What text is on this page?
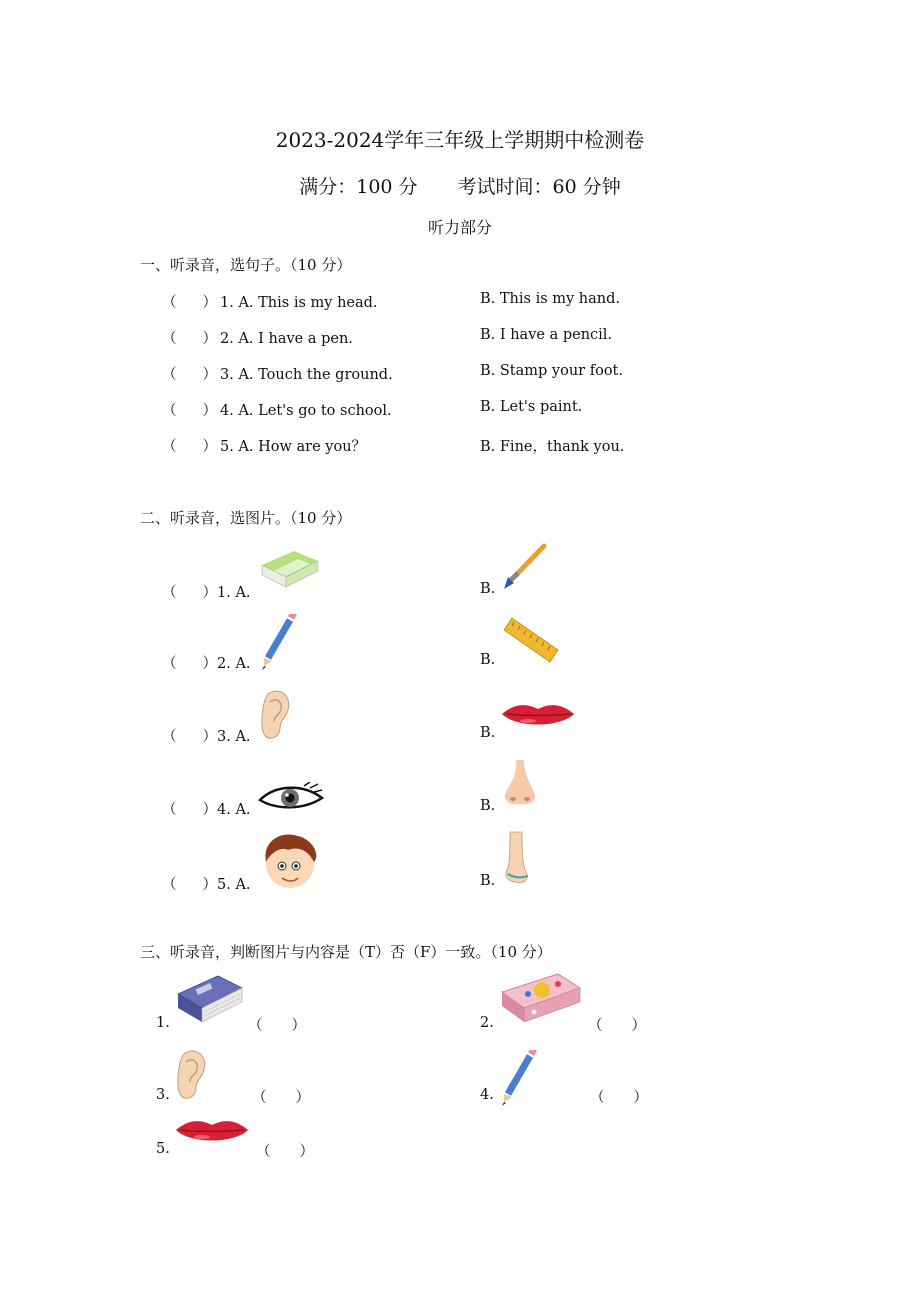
2023-2024学年三年级上学期期中检测卷
满分：100 分 考试时间：60 分钟
听力部分
一、听录音，选句子。（10 分）
（ ） 1. A. This is my head.	B. This is my hand.
（ ） 2. A. I have a pen.	B. I have a pencil.
（ ） 3. A. Touch the ground.	B. Stamp your foot.
（ ） 4. A. Let's go to school.	B. Let's paint.
（ ） 5. A. How are you？	B. Fine，thank you.
二、听录音，选图片。（10 分）
（ ）1. A.	B.
（ ）2. A.	B.
（ ）3. A.	B.
（ ）4. A.	B.
（ ）5. A.	B.
三、听录音，判断图片与内容是（T）否（F）一致。（10 分）
1.	（　　）	2.	（　　）
3.	（　　）	4.	（　　）
5.	（　　）
